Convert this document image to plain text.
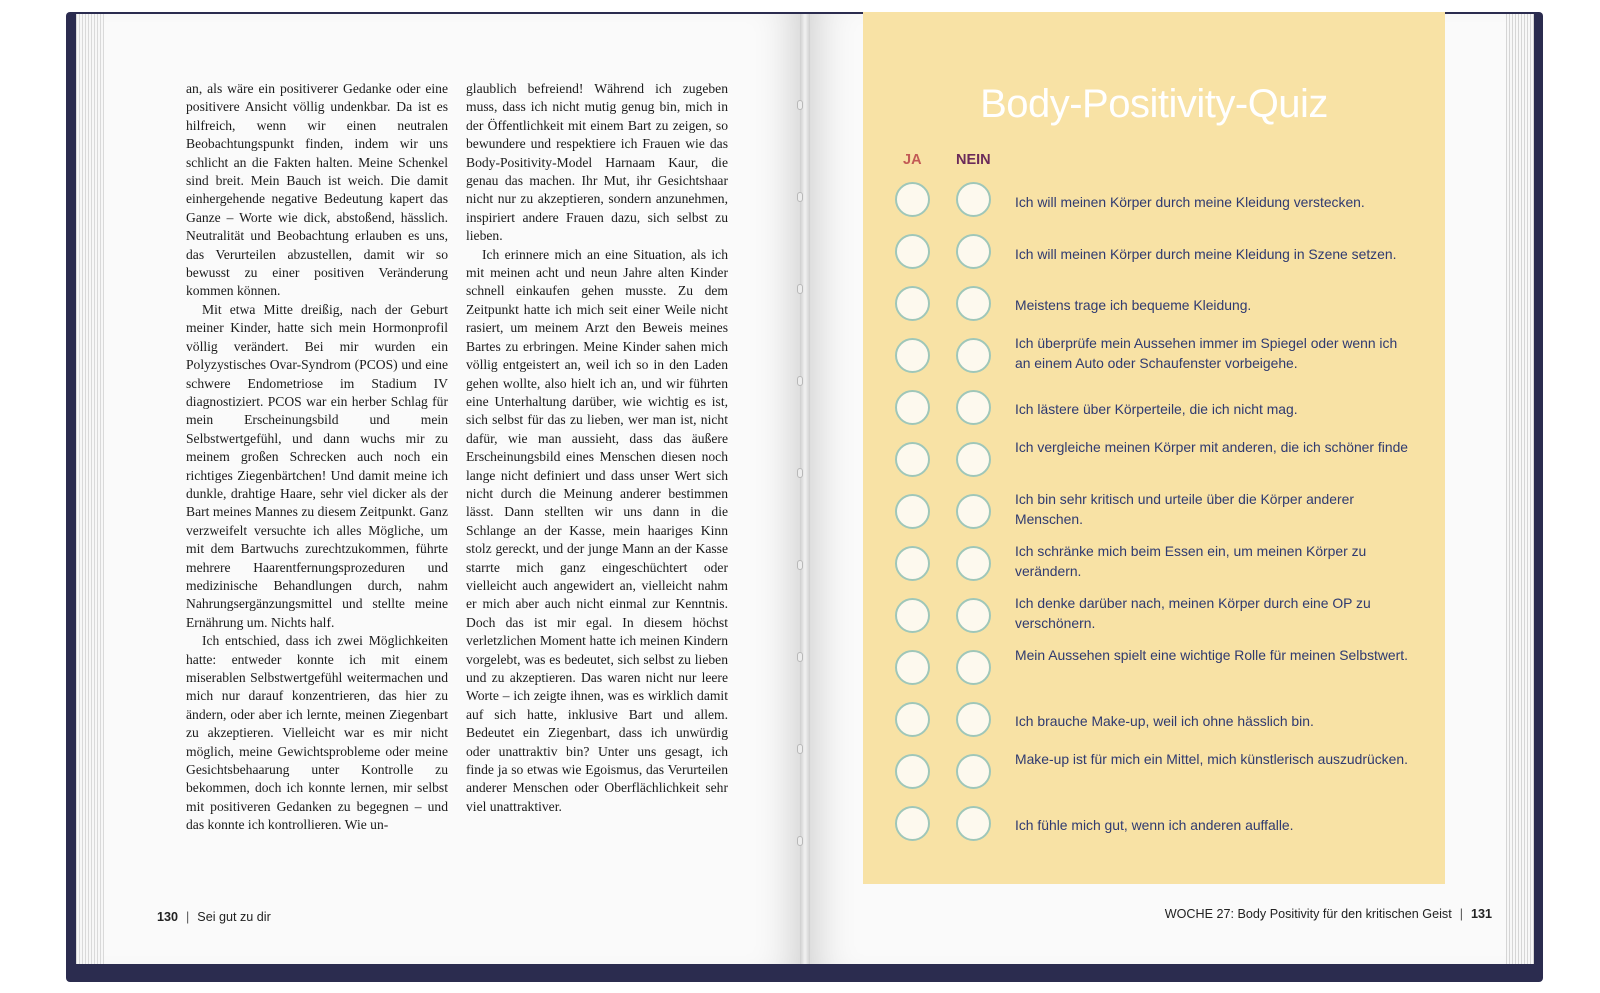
an, als wäre ein positiverer Gedanke oder eine positivere Ansicht völlig undenkbar. Da ist es hilfreich, wenn wir einen neutralen Beobachtungspunkt finden, indem wir uns schlicht an die Fakten halten. Meine Schenkel sind breit. Mein Bauch ist weich. Die damit einhergehende negative Bedeutung kapert das Ganze – Worte wie dick, abstoßend, hässlich. Neutralität und Beobachtung erlauben es uns, das Verurteilen abzustellen, damit wir so bewusst zu einer positiven Veränderung kommen können.

Mit etwa Mitte dreißig, nach der Geburt meiner Kinder, hatte sich mein Hormonprofil völlig verändert. Bei mir wurden ein Polyzystisches Ovar-Syndrom (PCOS) und eine schwere Endometriose im Stadium IV diagnostiziert. PCOS war ein herber Schlag für mein Erscheinungsbild und mein Selbstwertgefühl, und dann wuchs mir zu meinem großen Schrecken auch noch ein richtiges Ziegenbärtchen! Und damit meine ich dunkle, drahtige Haare, sehr viel dicker als der Bart meines Mannes zu diesem Zeitpunkt. Ganz verzweifelt versuchte ich alles Mögliche, um mit dem Bartwuchs zurechtzukommen, führte mehrere Haarentfernungsprozeduren und medizinische Behandlungen durch, nahm Nahrungsergänzungsmittel und stellte meine Ernährung um. Nichts half.

Ich entschied, dass ich zwei Möglichkeiten hatte: entweder konnte ich mit einem miserablen Selbstwertgefühl weitermachen und mich nur darauf konzentrieren, das hier zu ändern, oder aber ich lernte, meinen Ziegenbart zu akzeptieren. Vielleicht war es mir nicht möglich, meine Gewichtsprobleme oder meine Gesichtsbehaarung unter Kontrolle zu bekommen, doch ich konnte lernen, mir selbst mit positiveren Gedanken zu begegnen – und das konnte ich kontrollieren. Wie un-

glaublich befreiend! Während ich zugeben muss, dass ich nicht mutig genug bin, mich in der Öffentlichkeit mit einem Bart zu zeigen, so bewundere und respektiere ich Frauen wie das Body-Positivity-Model Harnaam Kaur, die genau das machen. Ihr Mut, ihr Gesichtshaar nicht nur zu akzeptieren, sondern anzunehmen, inspiriert andere Frauen dazu, sich selbst zu lieben.

Ich erinnere mich an eine Situation, als ich mit meinen acht und neun Jahre alten Kinder schnell einkaufen gehen musste. Zu dem Zeitpunkt hatte ich mich seit einer Weile nicht rasiert, um meinem Arzt den Beweis meines Bartes zu erbringen. Meine Kinder sahen mich völlig entgeistert an, weil ich so in den Laden gehen wollte, also hielt ich an, und wir führten eine Unterhaltung darüber, wie wichtig es ist, sich selbst für das zu lieben, wer man ist, nicht dafür, wie man aussieht, dass das äußere Erscheinungsbild eines Menschen diesen noch lange nicht definiert und dass unser Wert sich nicht durch die Meinung anderer bestimmen lässt. Dann stellten wir uns dann in die Schlange an der Kasse, mein haariges Kinn stolz gereckt, und der junge Mann an der Kasse starrte mich ganz eingeschüchtert oder vielleicht auch angewidert an, vielleicht nahm er mich aber auch nicht einmal zur Kenntnis. Doch das ist mir egal. In diesem höchst verletzlichen Moment hatte ich meinen Kindern vorgelebt, was es bedeutet, sich selbst zu lieben und zu akzeptieren. Das waren nicht nur leere Worte – ich zeigte ihnen, was es wirklich damit auf sich hatte, inklusive Bart und allem. Bedeutet ein Ziegenbart, dass ich unwürdig oder unattraktiv bin? Unter uns gesagt, ich finde ja so etwas wie Egoismus, das Verurteilen anderer Menschen oder Oberflächlichkeit sehr viel unattraktiver.

130 | Sei gut zu dir
Body-Positivity-Quiz
JA NEIN
Ich will meinen Körper durch meine Kleidung verstecken.
Ich will meinen Körper durch meine Kleidung in Szene setzen.
Meistens trage ich bequeme Kleidung.
Ich überprüfe mein Aussehen immer im Spiegel oder wenn ich an einem Auto oder Schaufenster vorbeigehe.
Ich lästere über Körperteile, die ich nicht mag.
Ich vergleiche meinen Körper mit anderen, die ich schöner finde
Ich bin sehr kritisch und urteile über die Körper anderer Menschen.
Ich schränke mich beim Essen ein, um meinen Körper zu verändern.
Ich denke darüber nach, meinen Körper durch eine OP zu verschönern.
Mein Aussehen spielt eine wichtige Rolle für meinen Selbstwert.
Ich brauche Make-up, weil ich ohne hässlich bin.
Make-up ist für mich ein Mittel, mich künstlerisch auszudrücken.
Ich fühle mich gut, wenn ich anderen auffalle.
WOCHE 27: Body Positivity für den kritischen Geist | 131
